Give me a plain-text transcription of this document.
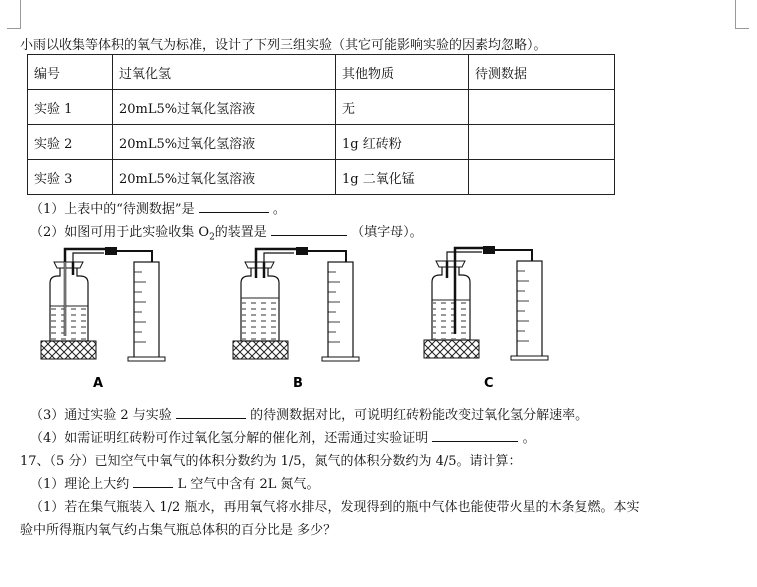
小雨以收集等体积的氧气为标准，设计了下列三组实验（其它可能影响实验的因素均忽略）。
编号	过氧化氢	其他物质	待测数据
实验 1	20mL5%过氧化氢溶液	无	
实验 2	20mL5%过氧化氢溶液	1g 红砖粉	
实验 3	20mL5%过氧化氢溶液	1g 二氧化锰	
（1）上表中的“待测数据”是	。
（2）如图可用于此实验收集 $O_2$的装置是	（填字母）。
A	B	C
（3）通过实验 2 与实验	的待测数据对比，可说明红砖粉能改变过氧化氢分解速率。
（4）如需证明红砖粉可作过氧化氢分解的催化剂，还需通过实验证明	。
17、（5 分）已知空气中氧气的体积分数约为 1/5，氮气的体积分数约为 4/5。请计算：
（1）理论上大约	L 空气中含有 2L 氮气。
（1）若在集气瓶装入 1/2 瓶水，再用氧气将水排尽，发现得到的瓶中气体也能使带火星的木条复燃。本实
验中所得瓶内氧气约占集气瓶总体积的百分比是 多少？
